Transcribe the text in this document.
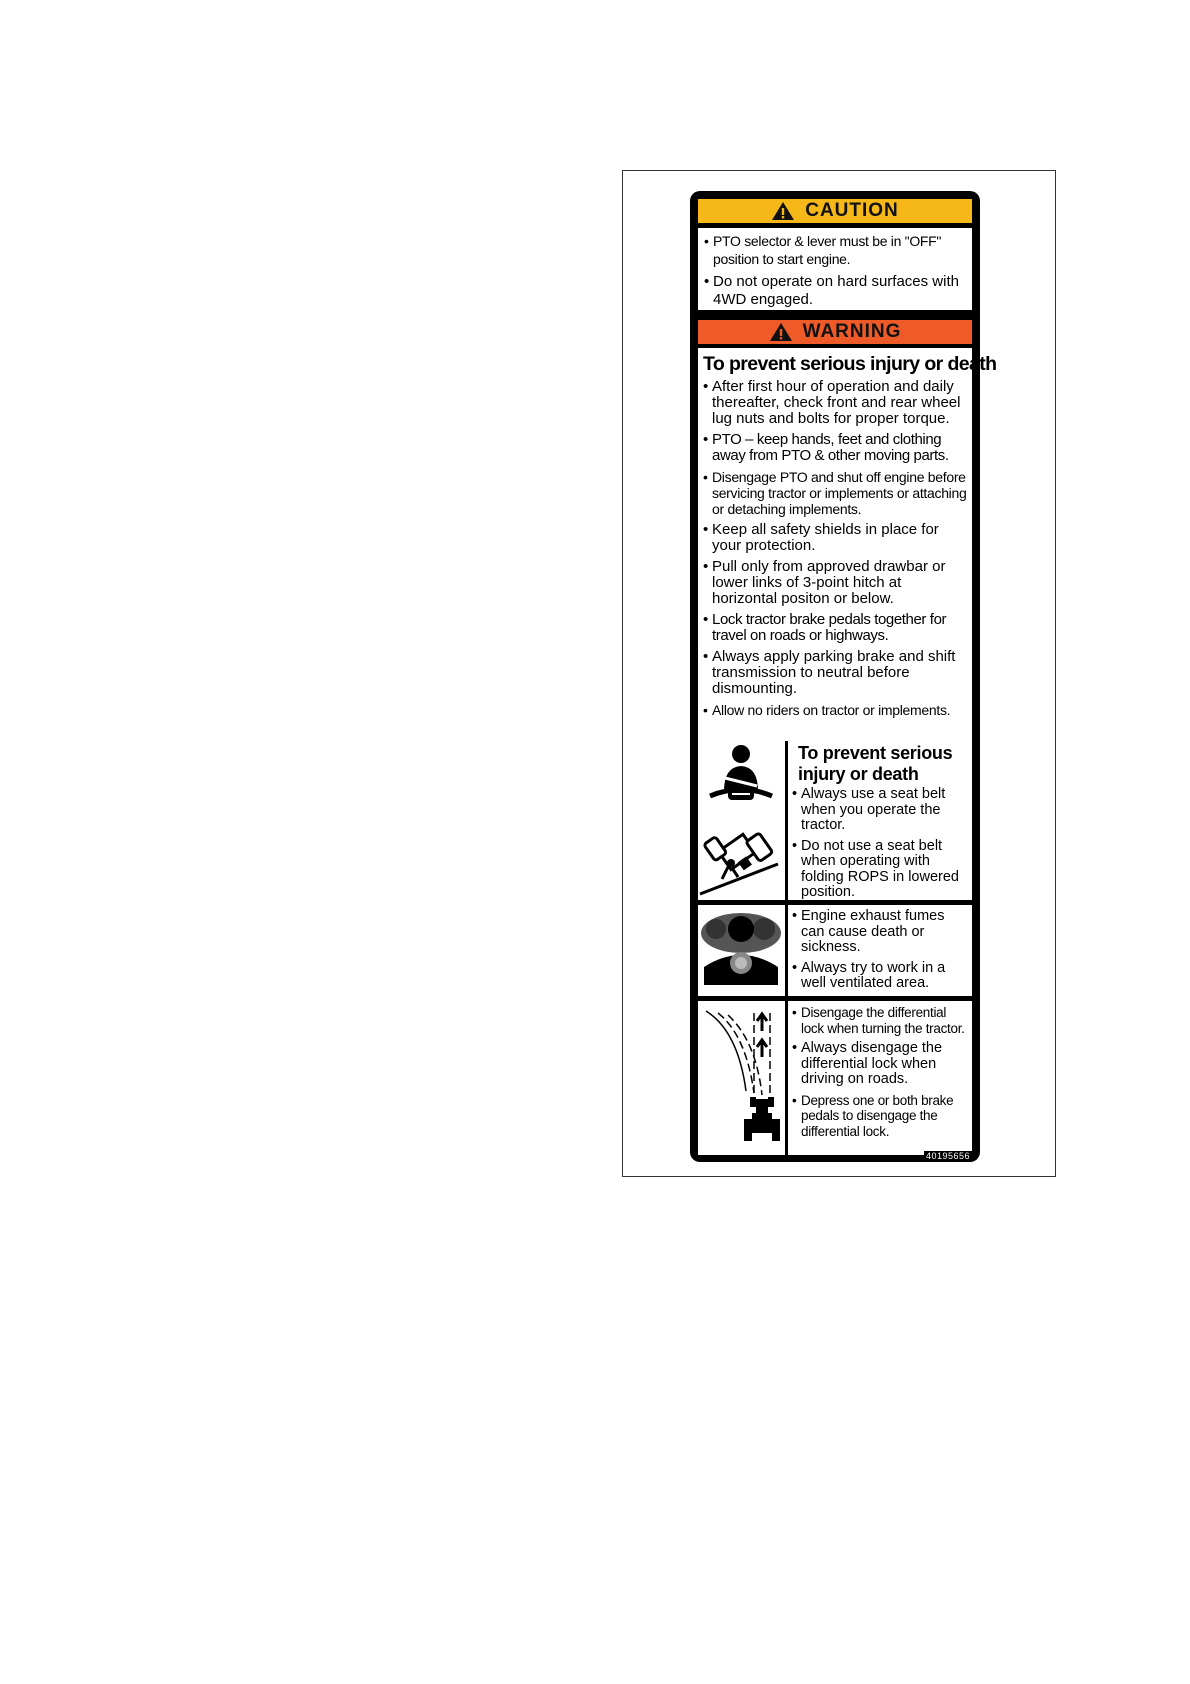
CAUTION
• PTO selector & lever must be in "OFF" position to start engine.
• Do not operate on hard surfaces with 4WD engaged.
WARNING
To prevent serious injury or death
• After first hour of operation and daily thereafter, check front and rear wheel lug nuts and bolts for proper torque.
• PTO – keep hands, feet and clothing away from PTO & other moving parts.
• Disengage PTO and shut off engine before servicing tractor or implements or attaching or detaching implements.
• Keep all safety shields in place for your protection.
• Pull only from approved drawbar or lower links of 3-point hitch at horizontal positon or below.
• Lock tractor brake pedals together for travel on roads or highways.
• Always apply parking brake and shift transmission to neutral before dismounting.
• Allow no riders on tractor or implements.
To prevent serious injury or death
• Always use a seat belt when you operate the tractor.
• Do not use a seat belt when operating with folding ROPS in lowered position.
• Engine exhaust fumes can cause death or sickness.
• Always try to work in a well ventilated area.
• Disengage the differential lock when turning the tractor.
• Always disengage the differential lock when driving on roads.
• Depress one or both brake pedals to disengage the differential lock.
40195656
